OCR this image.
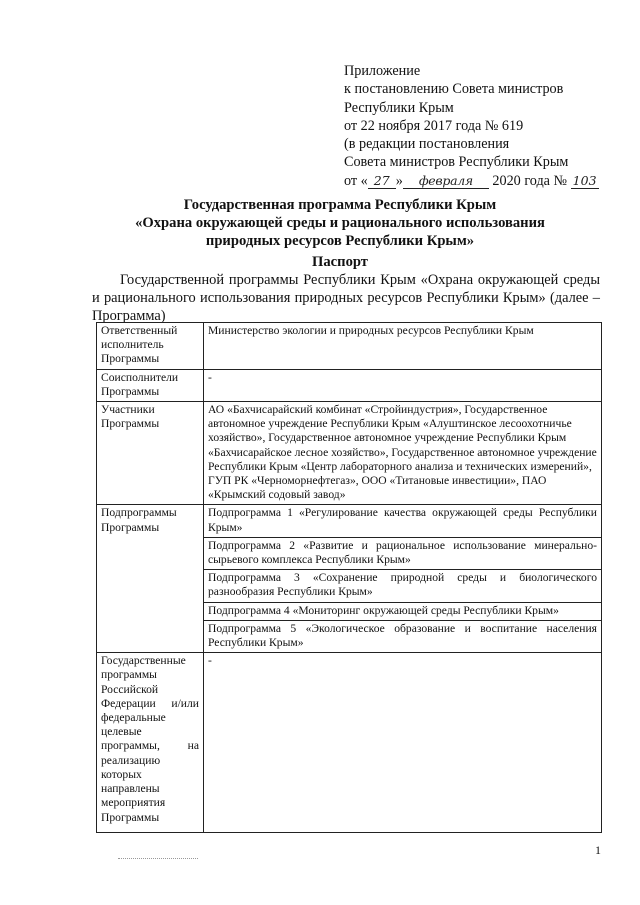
Приложение
к постановлению Совета министров
Республики Крым
от 22 ноября 2017 года № 619
(в редакции постановления
Совета министров Республики Крым
от « 27 » февраля 2020 года № 103
Государственная программа Республики Крым
«Охрана окружающей среды и рационального использования
природных ресурсов Республики Крым»
Паспорт
Государственной программы Республики Крым «Охрана окружающей среды и рационального использования природных ресурсов Республики Крым» (далее – Программа)
Ответственный исполнитель Программы	Министерство экологии и природных ресурсов Республики Крым
Соисполнители Программы	-
Участники Программы	АО «Бахчисарайский комбинат «Стройиндустрия», Государственное автономное учреждение Республики Крым «Алуштинское лесоохотничье хозяйство», Государственное автономное учреждение Республики Крым «Бахчисарайское лесное хозяйство», Государственное автономное учреждение Республики Крым «Центр лабораторного анализа и технических измерений», ГУП РК «Черноморнефтегаз», ООО «Титановые инвестиции», ПАО «Крымский содовый завод»
Подпрограммы Программы	Подпрограмма 1 «Регулирование качества окружающей среды Республики Крым»
	Подпрограмма 2 «Развитие и рациональное использование минерально-сырьевого комплекса Республики Крым»
	Подпрограмма 3 «Сохранение природной среды и биологического разнообразия Республики Крым»
	Подпрограмма 4 «Мониторинг окружающей среды Республики Крым»
	Подпрограмма 5 «Экологическое образование и воспитание населения Республики Крым»
Государственные программы Российской Федерации и/или федеральные целевые программы, на реализацию которых направлены мероприятия Программы	-
1
